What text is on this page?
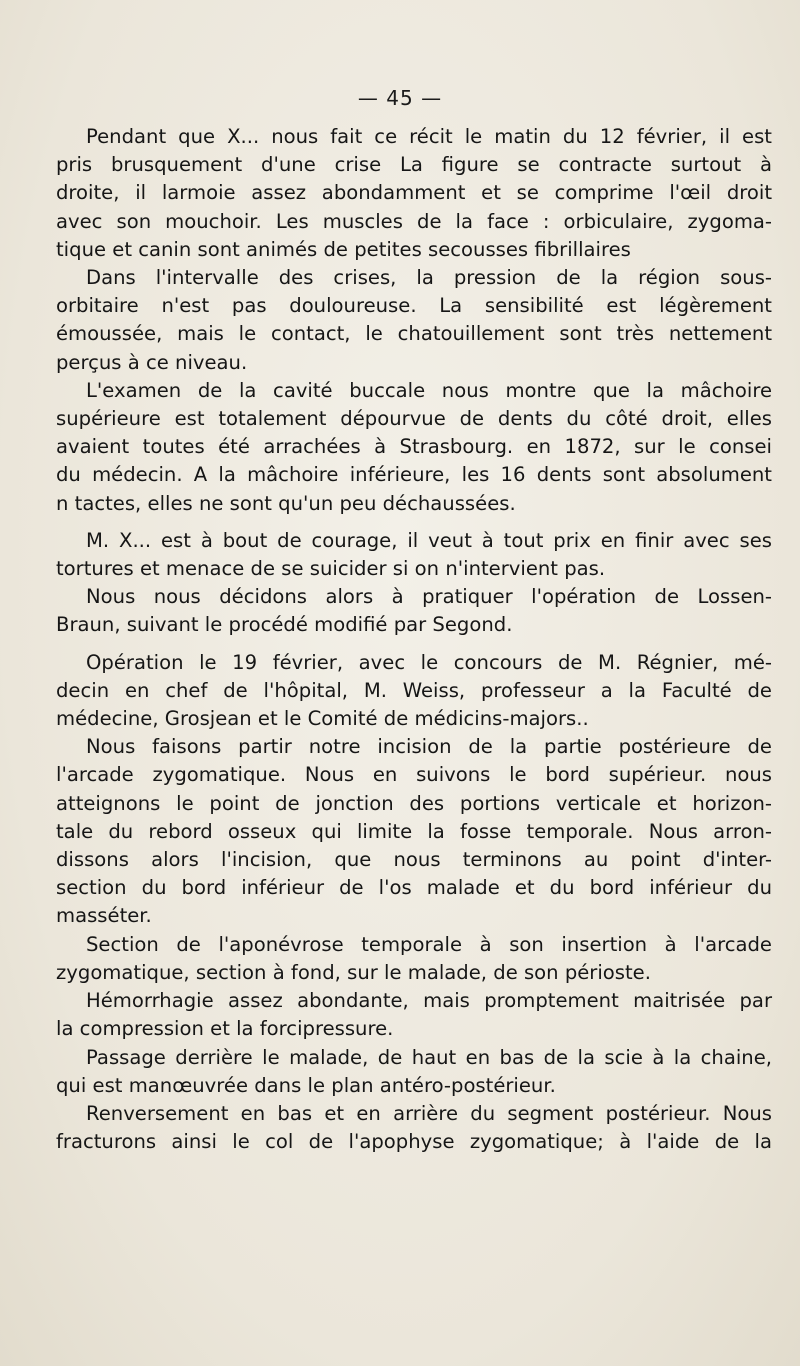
— 45 —
Pendant que X... nous fait ce récit le matin du 12 février, il est
pris brusquement d'une crise La figure se contracte surtout à
droite, il larmoie assez abondamment et se comprime l'œil droit
avec son mouchoir. Les muscles de la face : orbiculaire, zygoma-
tique et canin sont animés de petites secousses fibrillaires
Dans l'intervalle des crises, la pression de la région sous-
orbitaire n'est pas douloureuse. La sensibilité est légèrement
émoussée, mais le contact, le chatouillement sont très nettement
perçus à ce niveau.
L'examen de la cavité buccale nous montre que la mâchoire
supérieure est totalement dépourvue de dents du côté droit, elles
avaient toutes été arrachées à Strasbourg. en 1872, sur le consei
du médecin. A la mâchoire inférieure, les 16 dents sont absolument
n tactes, elles ne sont qu'un peu déchaussées.
M. X... est à bout de courage, il veut à tout prix en finir avec ses
tortures et menace de se suicider si on n'intervient pas.
Nous nous décidons alors à pratiquer l'opération de Lossen-
Braun, suivant le procédé modifié par Segond.
Opération le 19 février, avec le concours de M. Régnier, mé-
decin en chef de l'hôpital, M. Weiss, professeur a la Faculté de
médecine, Grosjean et le Comité de médicins-majors..
Nous faisons partir notre incision de la partie postérieure de
l'arcade zygomatique. Nous en suivons le bord supérieur. nous
atteignons le point de jonction des portions verticale et horizon-
tale du rebord osseux qui limite la fosse temporale. Nous arron-
dissons alors l'incision, que nous terminons au point d'inter-
section du bord inférieur de l'os malade et du bord inférieur du
masséter.
Section de l'aponévrose temporale à son insertion à l'arcade
zygomatique, section à fond, sur le malade, de son périoste.
Hémorrhagie assez abondante, mais promptement maitrisée par
la compression et la forcipressure.
Passage derrière le malade, de haut en bas de la scie à la chaine,
qui est manœuvrée dans le plan antéro-postérieur.
Renversement en bas et en arrière du segment postérieur. Nous
fracturons ainsi le col de l'apophyse zygomatique; à l'aide de la
